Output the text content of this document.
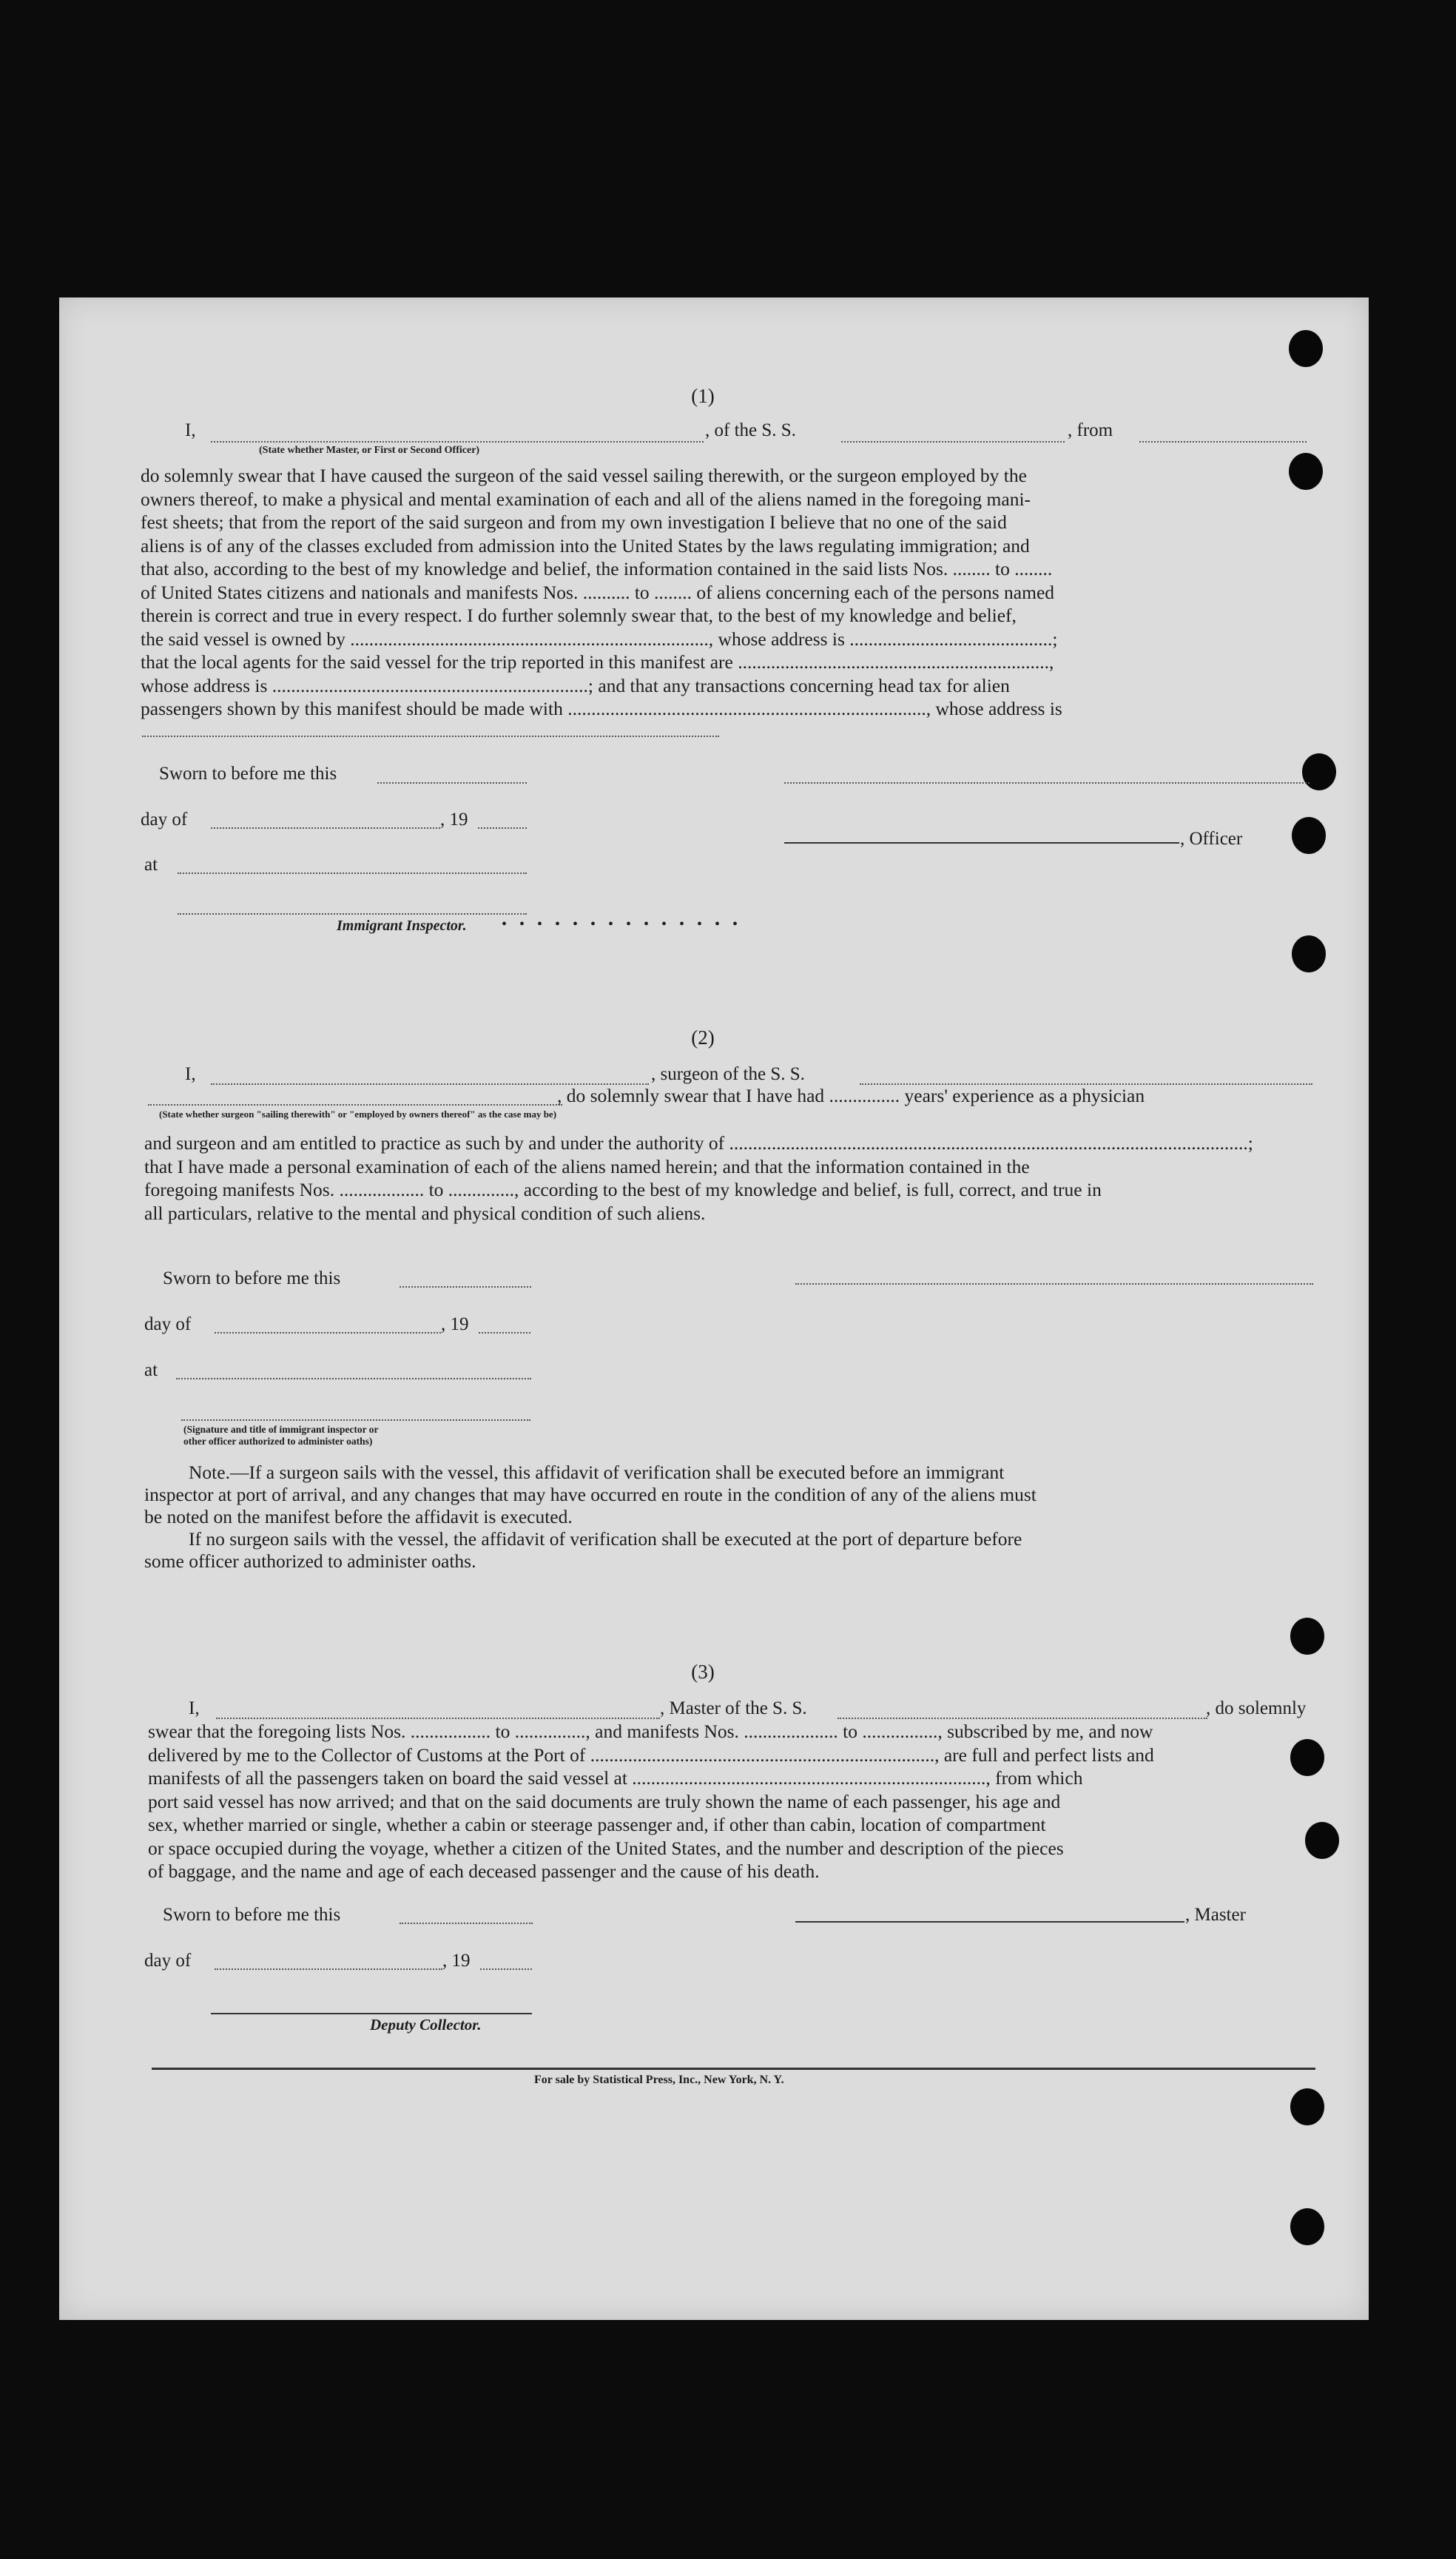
(1)
I,
(State whether Master, or First or Second Officer)
, of the S. S.	, from
do solemnly swear that I have caused the surgeon of the said vessel sailing therewith, or the surgeon employed by the
owners thereof, to make a physical and mental examination of each and all of the aliens named in the foregoing mani-
fest sheets; that from the report of the said surgeon and from my own investigation I believe that no one of the said
aliens is of any of the classes excluded from admission into the United States by the laws regulating immigration; and
that also, according to the best of my knowledge and belief, the information contained in the said lists Nos. ........ to ........
of United States citizens and nationals and manifests Nos. .......... to ........ of aliens concerning each of the persons named
therein is correct and true in every respect. I do further solemnly swear that, to the best of my knowledge and belief,
the said vessel is owned by ............................................................................, whose address is ...........................................;
that the local agents for the said vessel for the trip reported in this manifest are ..................................................................,
whose address is ...................................................................; and that any transactions concerning head tax for alien
passengers shown by this manifest should be made with ............................................................................, whose address is
Sworn to before me this
day of	, 19
, Officer
at
Immigrant Inspector. • • • • • • • • • • • • • •
(2)
I,	, surgeon of the S. S.
, do solemnly swear that I have had ............... years' experience as a physician
(State whether surgeon "sailing therewith" or "employed by owners thereof" as the case may be)
and surgeon and am entitled to practice as such by and under the authority of ..............................................................................................................;
that I have made a personal examination of each of the aliens named herein; and that the information contained in the
foregoing manifests Nos. .................. to .............., according to the best of my knowledge and belief, is full, correct, and true in
all particulars, relative to the mental and physical condition of such aliens.
Sworn to before me this
day of	, 19
at
(Signature and title of immigrant inspector or
other officer authorized to administer oaths)
Note.—If a surgeon sails with the vessel, this affidavit of verification shall be executed before an immigrant
inspector at port of arrival, and any changes that may have occurred en route in the condition of any of the aliens must
be noted on the manifest before the affidavit is executed.
If no surgeon sails with the vessel, the affidavit of verification shall be executed at the port of departure before
some officer authorized to administer oaths.
(3)
I,	, Master of the S. S.	, do solemnly
swear that the foregoing lists Nos. ................. to ..............., and manifests Nos. .................... to ................, subscribed by me, and now
delivered by me to the Collector of Customs at the Port of ........................................................................., are full and perfect lists and
manifests of all the passengers taken on board the said vessel at ..........................................................................., from which
port said vessel has now arrived; and that on the said documents are truly shown the name of each passenger, his age and
sex, whether married or single, whether a cabin or steerage passenger and, if other than cabin, location of compartment
or space occupied during the voyage, whether a citizen of the United States, and the number and description of the pieces
of baggage, and the name and age of each deceased passenger and the cause of his death.
Sworn to before me this	, Master
day of	, 19
Deputy Collector.
For sale by Statistical Press, Inc., New York, N. Y.
